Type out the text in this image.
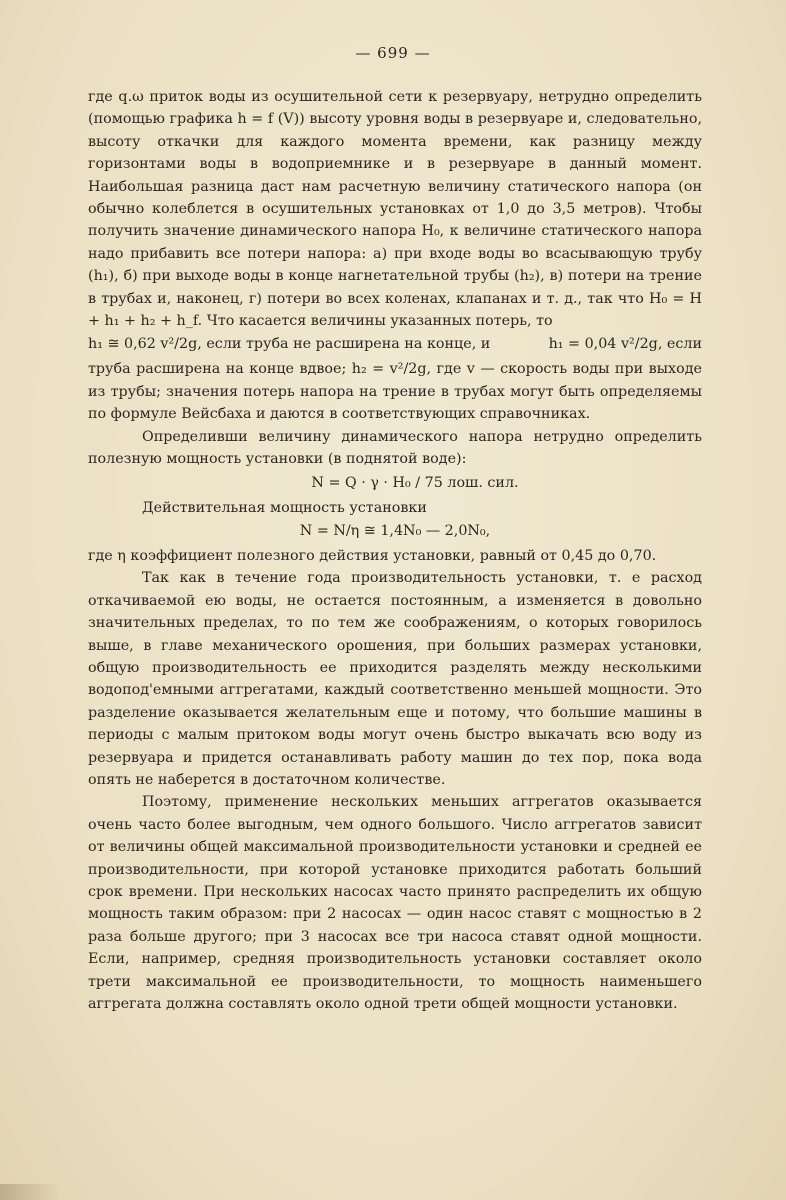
— 699 —

где q.ω приток воды из осушительной сети к резервуару, нетрудно определить (помощью графика h = f (V)) высоту уровня воды в резервуаре и, следовательно, высоту откачки для каждого момента времени, как разницу между горизонтами воды в водоприемнике и в резервуаре в данный момент. Наибольшая разница даст нам расчетную величину статического напора (он обычно колеблется в осушительных установках от 1,0 до 3,5 метров). Чтобы получить значение динамического напора H₀, к величине статического напора надо прибавить все потери напора: а) при входе воды во всасывающую трубу (h₁), б) при выходе воды в конце нагнетательной трубы (h₂), в) потери на трение в трубах и, наконец, г) потери во всех коленах, клапанах и т. д., так что H₀ = H + h₁ + h₂ + h_f. Что касается величины указанных потерь, то

h₁ ≅ 0,62 v²/2g, если труба не расширена на конце, и	h₁ = 0,04 v²/2g, если

труба расширена на конце вдвое; h₂ = v²/2g, где v — скорость воды при выходе из трубы; значения потерь напора на трение в трубах могут быть определяемы по формуле Вейсбаха и даются в соответствующих справочниках.

Определивши величину динамического напора нетрудно определить полезную мощность установки (в поднятой воде):

N = Q · γ · H₀ / 75 лош. сил.

Действительная мощность установки

N = N/η ≅ 1,4N₀ — 2,0N₀,

где η коэффициент полезного действия установки, равный от 0,45 до 0,70.

Так как в течение года производительность установки, т. е расход откачиваемой ею воды, не остается постоянным, а изменяется в довольно значительных пределах, то по тем же соображениям, о которых говорилось выше, в главе механического орошения, при больших размерах установки, общую производительность ее приходится разделять между несколькими водопод'емными аггрегатами, каждый соответственно меньшей мощности. Это разделение оказывается желательным еще и потому, что большие машины в периоды с малым притоком воды могут очень быстро выкачать всю воду из резервуара и придется останавливать работу машин до тех пор, пока вода опять не наберется в достаточном количестве.

Поэтому, применение нескольких меньших аггрегатов оказывается очень часто более выгодным, чем одного большого. Число аггрегатов зависит от величины общей максимальной производительности установки и средней ее производительности, при которой установке приходится работать больший срок времени. При нескольких насосах часто принято распределить их общую мощность таким образом: при 2 насосах — один насос ставят с мощностью в 2 раза больше другого; при 3 насосах все три насоса ставят одной мощности. Если, например, средняя производительность установки составляет около трети максимальной ее производительности, то мощность наименьшего аггрегата должна составлять около одной трети общей мощности установки.
